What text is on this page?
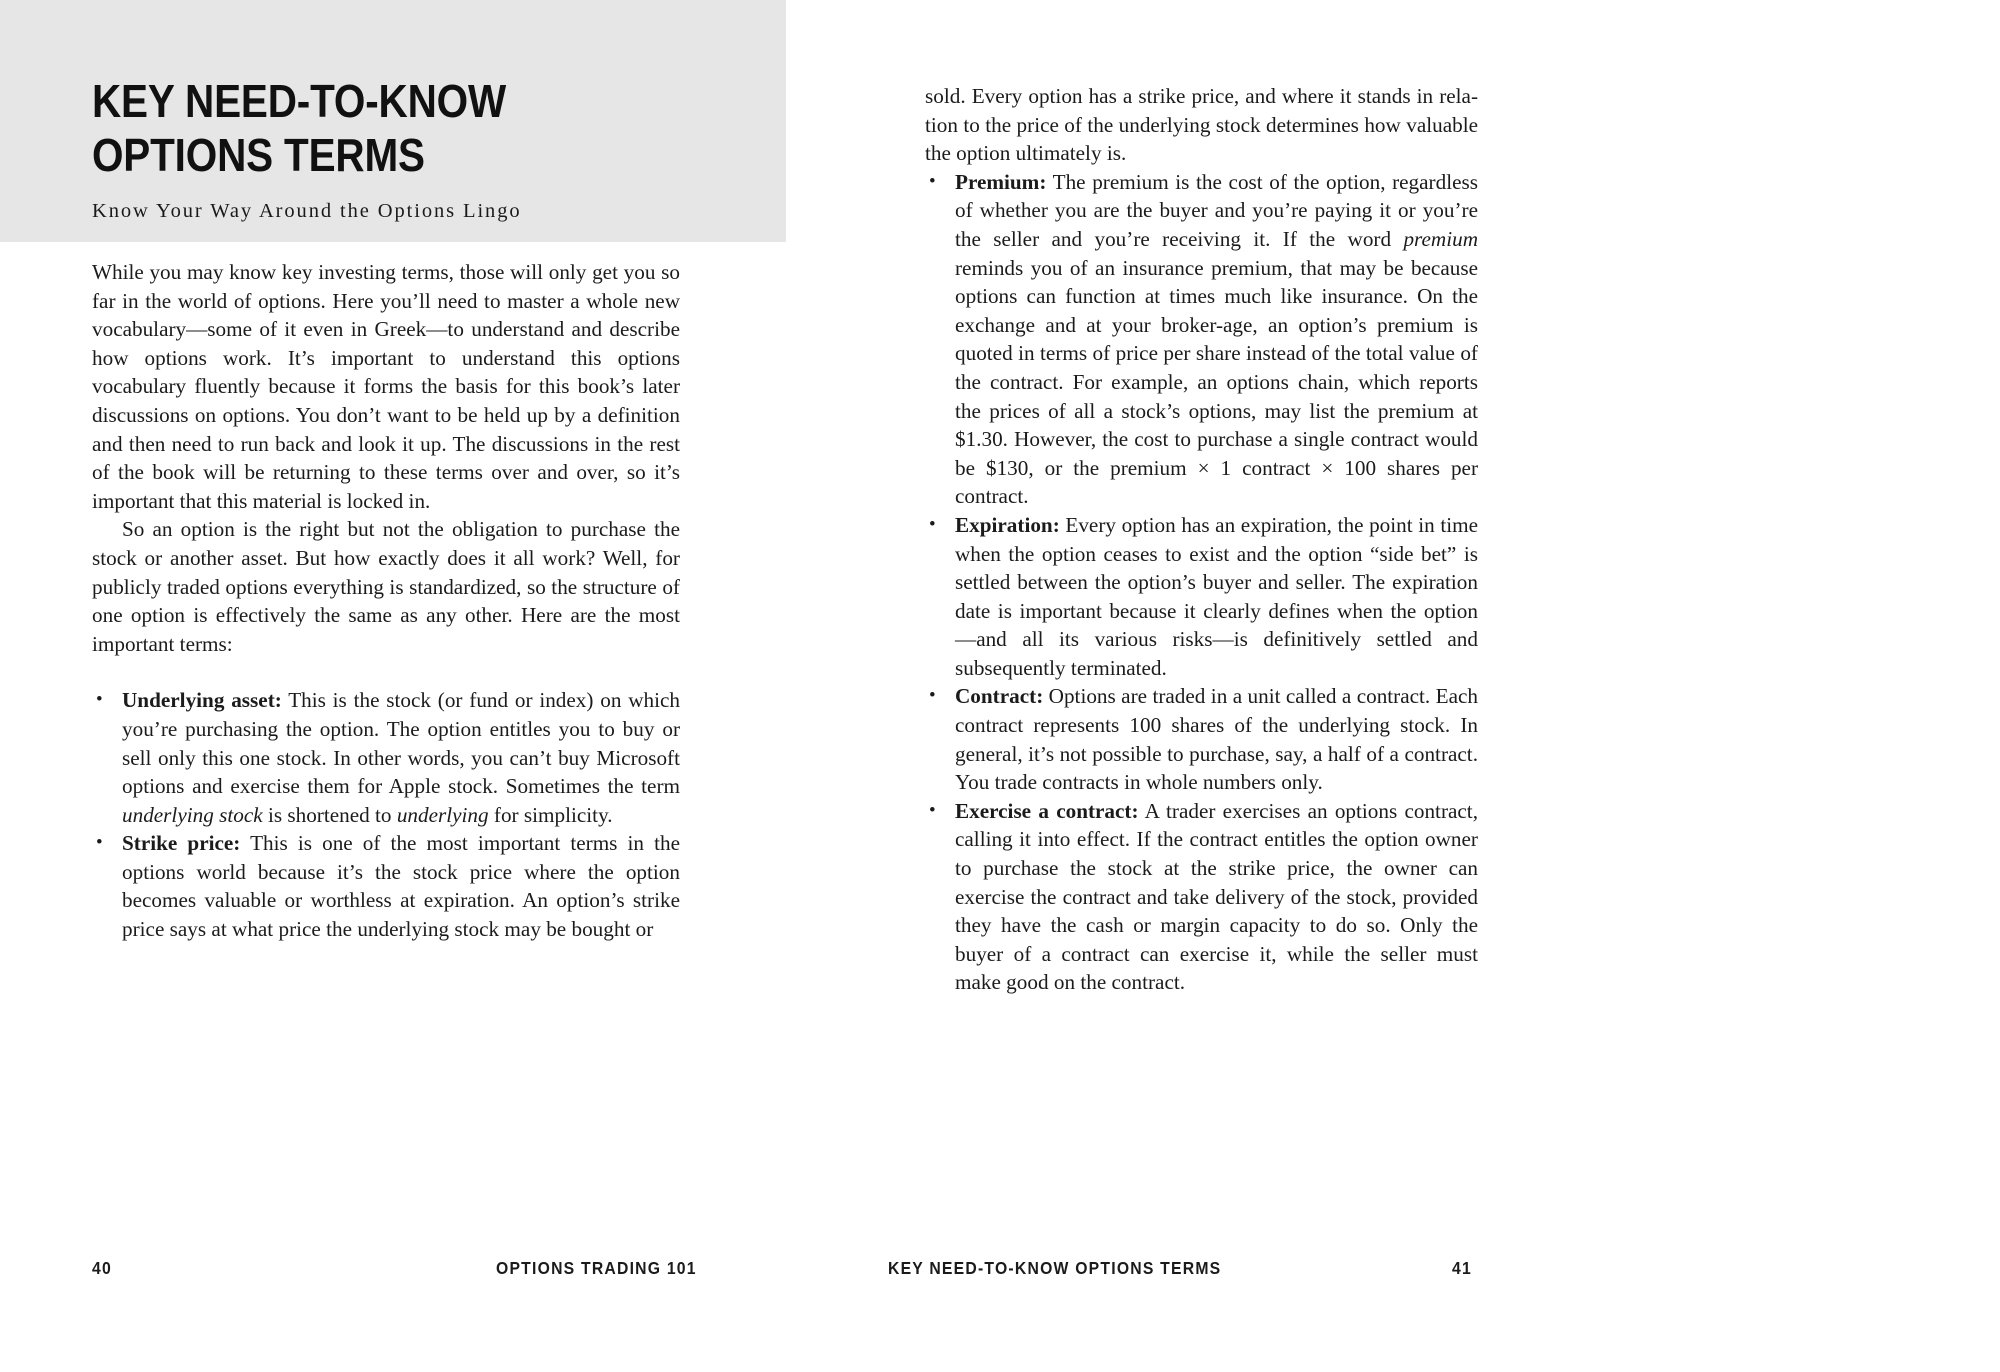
KEY NEED-TO-KNOW
OPTIONS TERMS
Know Your Way Around the Options Lingo

While you may know key investing terms, those will only get you so far in the world of options. Here you’ll need to master a whole new vocabulary—some of it even in Greek—to understand and describe how options work. It’s important to understand this options vocabulary fluently because it forms the basis for this book’s later discussions on options. You don’t want to be held up by a definition and then need to run back and look it up. The discussions in the rest of the book will be returning to these terms over and over, so it’s important that this material is locked in.

So an option is the right but not the obligation to purchase the stock or another asset. But how exactly does it all work? Well, for publicly traded options everything is standardized, so the structure of one option is effectively the same as any other. Here are the most important terms:

• Underlying asset: This is the stock (or fund or index) on which you’re purchasing the option. The option entitles you to buy or sell only this one stock. In other words, you can’t buy Microsoft options and exercise them for Apple stock. Sometimes the term underlying stock is shortened to underlying for simplicity.
• Strike price: This is one of the most important terms in the options world because it’s the stock price where the option becomes valuable or worthless at expiration. An option’s strike price says at what price the underlying stock may be bought or

sold. Every option has a strike price, and where it stands in rela-tion to the price of the underlying stock determines how valuable the option ultimately is.

• Premium: The premium is the cost of the option, regardless of whether you are the buyer and you’re paying it or you’re the seller and you’re receiving it. If the word premium reminds you of an insurance premium, that may be because options can function at times much like insurance. On the exchange and at your broker-age, an option’s premium is quoted in terms of price per share instead of the total value of the contract. For example, an options chain, which reports the prices of all a stock’s options, may list the premium at $1.30. However, the cost to purchase a single contract would be $130, or the premium × 1 contract × 100 shares per contract.
• Expiration: Every option has an expiration, the point in time when the option ceases to exist and the option “side bet” is settled between the option’s buyer and seller. The expiration date is important because it clearly defines when the option—and all its various risks—is definitively settled and subsequently terminated.
• Contract: Options are traded in a unit called a contract. Each contract represents 100 shares of the underlying stock. In general, it’s not possible to purchase, say, a half of a contract. You trade contracts in whole numbers only.
• Exercise a contract: A trader exercises an options contract, calling it into effect. If the contract entitles the option owner to purchase the stock at the strike price, the owner can exercise the contract and take delivery of the stock, provided they have the cash or margin capacity to do so. Only the buyer of a contract can exercise it, while the seller must make good on the contract.
40	OPTIONS TRADING 101	KEY NEED-TO-KNOW OPTIONS TERMS	41
